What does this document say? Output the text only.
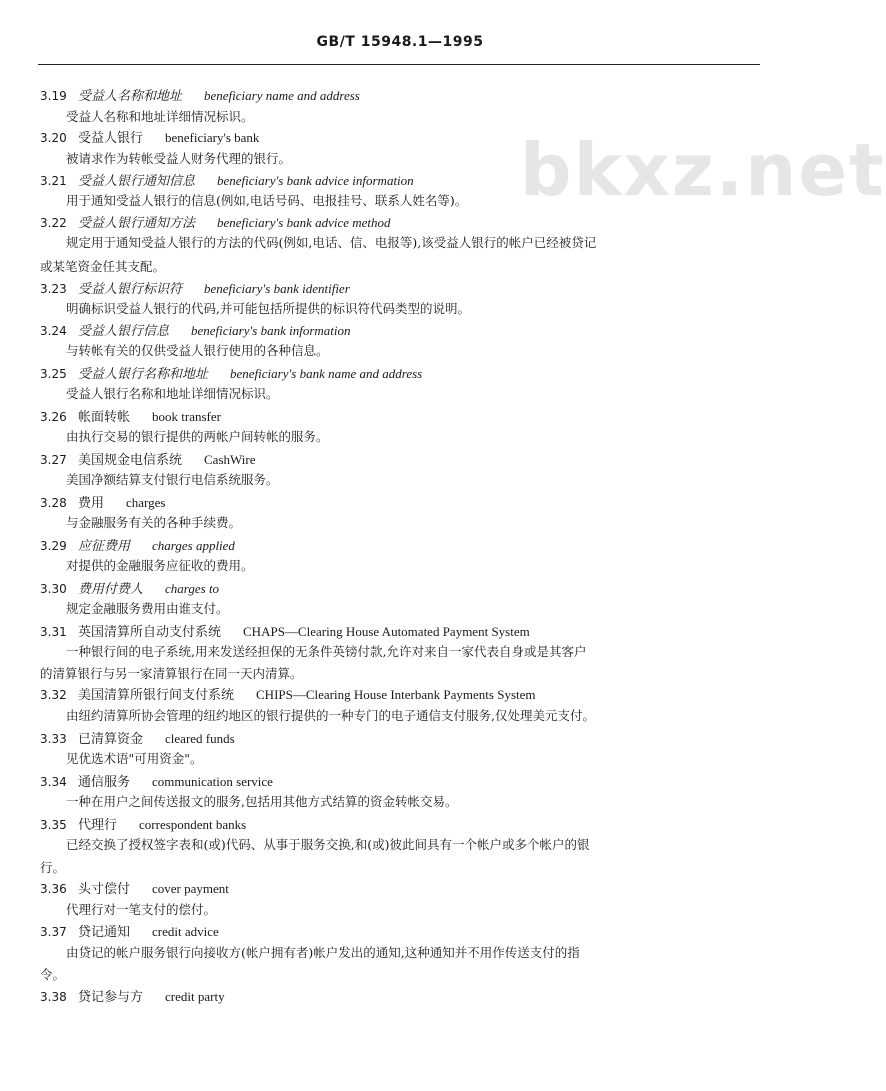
GB/T 15948.1—1995
bkxz.net
3.19 受益人名称和地址 beneficiary name and address
受益人名称和地址详细情况标识。
3.20 受益人银行 beneficiary's bank
被请求作为转帐受益人财务代理的银行。
3.21 受益人银行通知信息 beneficiary's bank advice information
用于通知受益人银行的信息(例如,电话号码、电报挂号、联系人姓名等)。
3.22 受益人银行通知方法 beneficiary's bank advice method
规定用于通知受益人银行的方法的代码(例如,电话、信、电报等),该受益人银行的帐户已经被贷记
或某笔资金任其支配。
3.23 受益人银行标识符 beneficiary's bank identifier
明确标识受益人银行的代码,并可能包括所提供的标识符代码类型的说明。
3.24 受益人银行信息 beneficiary's bank information
与转帐有关的仅供受益人银行使用的各种信息。
3.25 受益人银行名称和地址 beneficiary's bank name and address
受益人银行名称和地址详细情况标识。
3.26 帐面转帐 book transfer
由执行交易的银行提供的两帐户间转帐的服务。
3.27 美国规金电信系统 CashWire
美国净额结算支付银行电信系统服务。
3.28 费用 charges
与金融服务有关的各种手续费。
3.29 应征费用 charges applied
对提供的金融服务应征收的费用。
3.30 费用付费人 charges to
规定金融服务费用由谁支付。
3.31 英国清算所自动支付系统 CHAPS—Clearing House Automated Payment System
一种银行间的电子系统,用来发送经担保的无条件英镑付款,允许对来自一家代表自身或是其客户
的清算银行与另一家清算银行在同一天内清算。
3.32 美国清算所银行间支付系统 CHIPS—Clearing House Interbank Payments System
由纽约清算所协会管理的纽约地区的银行提供的一种专门的电子通信支付服务,仅处理美元支付。
3.33 已清算资金 cleared funds
见优选术语"可用资金"。
3.34 通信服务 communication service
一种在用户之间传送报文的服务,包括用其他方式结算的资金转帐交易。
3.35 代理行 correspondent banks
已经交换了授权签字表和(或)代码、从事于服务交换,和(或)彼此间具有一个帐户或多个帐户的银
行。
3.36 头寸偿付 cover payment
代理行对一笔支付的偿付。
3.37 贷记通知 credit advice
由贷记的帐户服务银行向接收方(帐户拥有者)帐户发出的通知,这种通知并不用作传送支付的指
令。
3.38 贷记参与方 credit party
